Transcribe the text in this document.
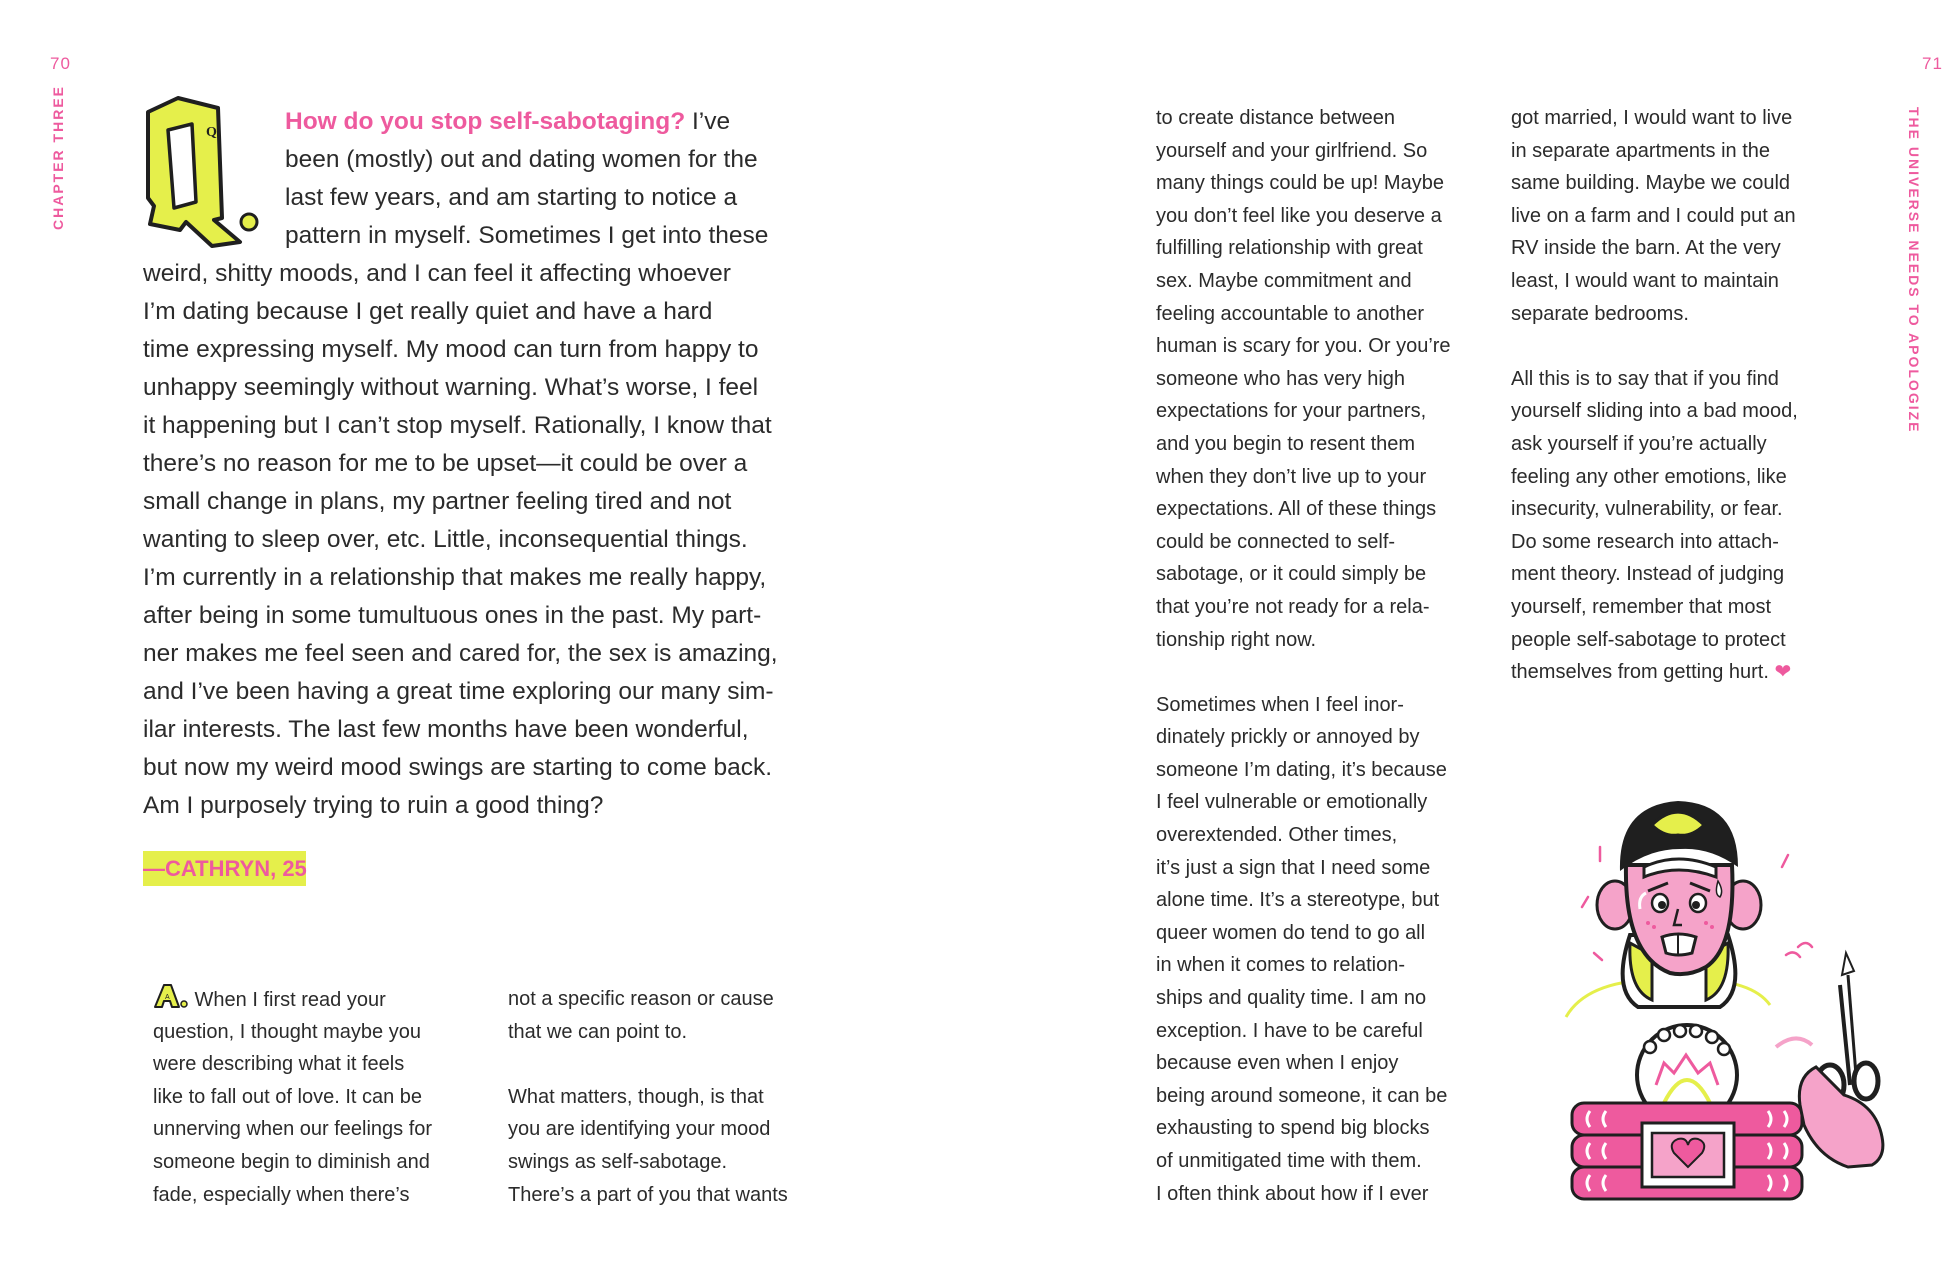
70	71
CHAPTER THREE	THE UNIVERSE NEEDS TO APOLOGIZE
Q	How do you stop self-sabotaging? I’ve
been (mostly) out and dating women for the
last few years, and am starting to notice a
pattern in myself. Sometimes I get into these
weird, shitty moods, and I can feel it affecting whoever
I’m dating because I get really quiet and have a hard
time expressing myself. My mood can turn from happy to
unhappy seemingly without warning. What’s worse, I feel
it happening but I can’t stop myself. Rationally, I know that
there’s no reason for me to be upset—it could be over a
small change in plans, my partner feeling tired and not
wanting to sleep over, etc. Little, inconsequential things.
I’m currently in a relationship that makes me really happy,
after being in some tumultuous ones in the past. My part-
ner makes me feel seen and cared for, the sex is amazing,
and I’ve been having a great time exploring our many sim-
ilar interests. The last few months have been wonderful,
but now my weird mood swings are starting to come back.
Am I purposely trying to ruin a good thing?
—CATHRYN, 25
A When I first read your
question, I thought maybe you
were describing what it feels
like to fall out of love. It can be
unnerving when our feelings for
someone begin to diminish and
fade, especially when there’s
not a specific reason or cause
that we can point to.
What matters, though, is that
you are identifying your mood
swings as self-sabotage.
There’s a part of you that wants
to create distance between
yourself and your girlfriend. So
many things could be up! Maybe
you don’t feel like you deserve a
fulfilling relationship with great
sex. Maybe commitment and
feeling accountable to another
human is scary for you. Or you’re
someone who has very high
expectations for your partners,
and you begin to resent them
when they don’t live up to your
expectations. All of these things
could be connected to self-
sabotage, or it could simply be
that you’re not ready for a rela-
tionship right now.
Sometimes when I feel inor-
dinately prickly or annoyed by
someone I’m dating, it’s because
I feel vulnerable or emotionally
overextended. Other times,
it’s just a sign that I need some
alone time. It’s a stereotype, but
queer women do tend to go all
in when it comes to relation-
ships and quality time. I am no
exception. I have to be careful
because even when I enjoy
being around someone, it can be
exhausting to spend big blocks
of unmitigated time with them.
I often think about how if I ever
got married, I would want to live
in separate apartments in the
same building. Maybe we could
live on a farm and I could put an
RV inside the barn. At the very
least, I would want to maintain
separate bedrooms.
All this is to say that if you find
yourself sliding into a bad mood,
ask yourself if you’re actually
feeling any other emotions, like
insecurity, vulnerability, or fear.
Do some research into attach-
ment theory. Instead of judging
yourself, remember that most
people self-sabotage to protect
themselves from getting hurt. ❤
